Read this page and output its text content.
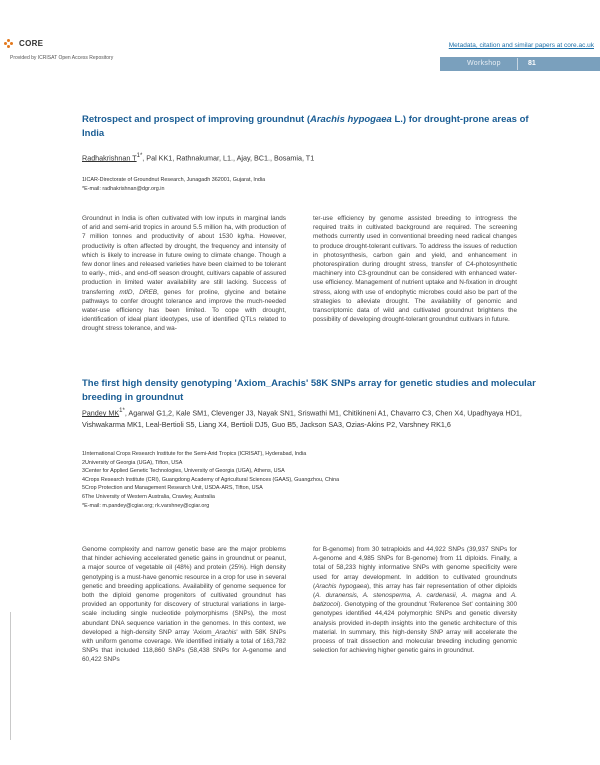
CORE
Provided by ICRISAT Open Access Repository
Metadata, citation and similar papers at core.ac.uk
Workshop	81
Retrospect and prospect of improving groundnut (Arachis hypogaea L.) for drought-prone areas of India
Radhakrishnan $T^{1*}$, Pal KK1, Rathnakumar, L1., Ajay, BC1., Bosamia, T1
1ICAR-Directorate of Groundnut Research, Junagadh 362001, Gujarat, India
*E-mail: radhakrishnan@dgr.org.in
Groundnut in India is often cultivated with low inputs in marginal lands of arid and semi-arid tropics in around 5.5 million ha, with production of 7 million tonnes and productivity of about 1530 kg/ha. However, productivity is often affected by drought, the frequency and intensity of which is likely to increase in future owing to climate change. Though a few donor lines and released varieties have been claimed to be tolerant to early-, mid-, and end-off season drought, cultivars capable of assured production in limited water availability are still lacking. Success of transferring mtlD, DREB, genes for proline, glycine and betaine pathways to confer drought tolerance and improve the much-needed water-use efficiency has been limited. To cope with drought, identification of ideal plant ideotypes, use of identified QTLs related to drought stress tolerance, and wa-
ter-use efficiency by genome assisted breeding to introgress the required traits in cultivated background are required. The screening methods currently used in conventional breeding need radical changes to produce drought-tolerant cultivars. To address the issues of reduction in photosynthesis, carbon gain and yield, and enhancement in photorespiration during drought stress, transfer of C4-photosynthetic machinery into C3-groundnut can be considered with enhanced water-use efficiency. Management of nutrient uptake and N-fixation in drought stress, along with use of endophytic microbes could also be part of the strategies to alleviate drought. The availability of genomic and transcriptomic data of wild and cultivated groundnut brightens the possibility of developing drought-tolerant groundnut cultivars in future.
The first high density genotyping 'Axiom_Arachis' 58K SNPs array for genetic studies and molecular breeding in groundnut
Pandey $MK^{1*}$, Agarwal G1,2, Kale SM1, Clevenger J3, Nayak SN1, Sriswathi M1, Chitikineni A1, Chavarro C3, Chen X4, Upadhyaya HD1, Vishwakarma MK1, Leal-Bertioli S5, Liang X4, Bertioli DJ5, Guo B5, Jackson SA3, Ozias-Akins P2, Varshney RK1,6
1International Crops Research Institute for the Semi-Arid Tropics (ICRISAT), Hyderabad, India
2University of Georgia (UGA), Tifton, USA
3Center for Applied Genetic Technologies, University of Georgia (UGA), Athens, USA
4Crops Research Institute (CRI), Guangdong Academy of Agricultural Sciences (GAAS), Guangzhou, China
5Crop Protection and Management Research Unit, USDA-ARS, Tifton, USA
6The University of Western Australia, Crawley, Australia
*E-mail: m.pandey@cgiar.org; rk.varshney@cgiar.org
Genome complexity and narrow genetic base are the major problems that hinder achieving accelerated genetic gains in groundnut or peanut, a major source of vegetable oil (48%) and protein (25%). High density genotyping is a must-have genomic resource in a crop for use in several genetic and breeding applications. Availability of genome sequence for both the diploid genome progenitors of cultivated groundnut has provided an opportunity for discovery of structural variations in large-scale including single nucleotide polymorphisms (SNPs), the most abundant DNA sequence variation in the genomes. In this context, we developed a high-density SNP array 'Axiom_Arachis' with 58K SNPs with uniform genome coverage. We identified initially a total of 163,782 SNPs that included 118,860 SNPs (58,438 SNPs for A-genome and 60,422 SNPs
for B-genome) from 30 tetraploids and 44,922 SNPs (39,937 SNPs for A-genome and 4,985 SNPs for B-genome) from 11 diploids. Finally, a total of 58,233 highly informative SNPs with genome specificity were used for array development. In addition to cultivated groundnuts (Arachis hypogaea), this array has fair representation of other diploids (A. duranensis, A. stenosperma, A. cardenasii, A. magna and A. batizocoi). Genotyping of the groundnut 'Reference Set' containing 300 genotypes identified 44,424 polymorphic SNPs and genetic diversity analysis provided in-depth insights into the genetic architecture of this material. In summary, this high-density SNP array will accelerate the process of trait dissection and molecular breeding including genomic selection for achieving higher genetic gains in groundnut.
